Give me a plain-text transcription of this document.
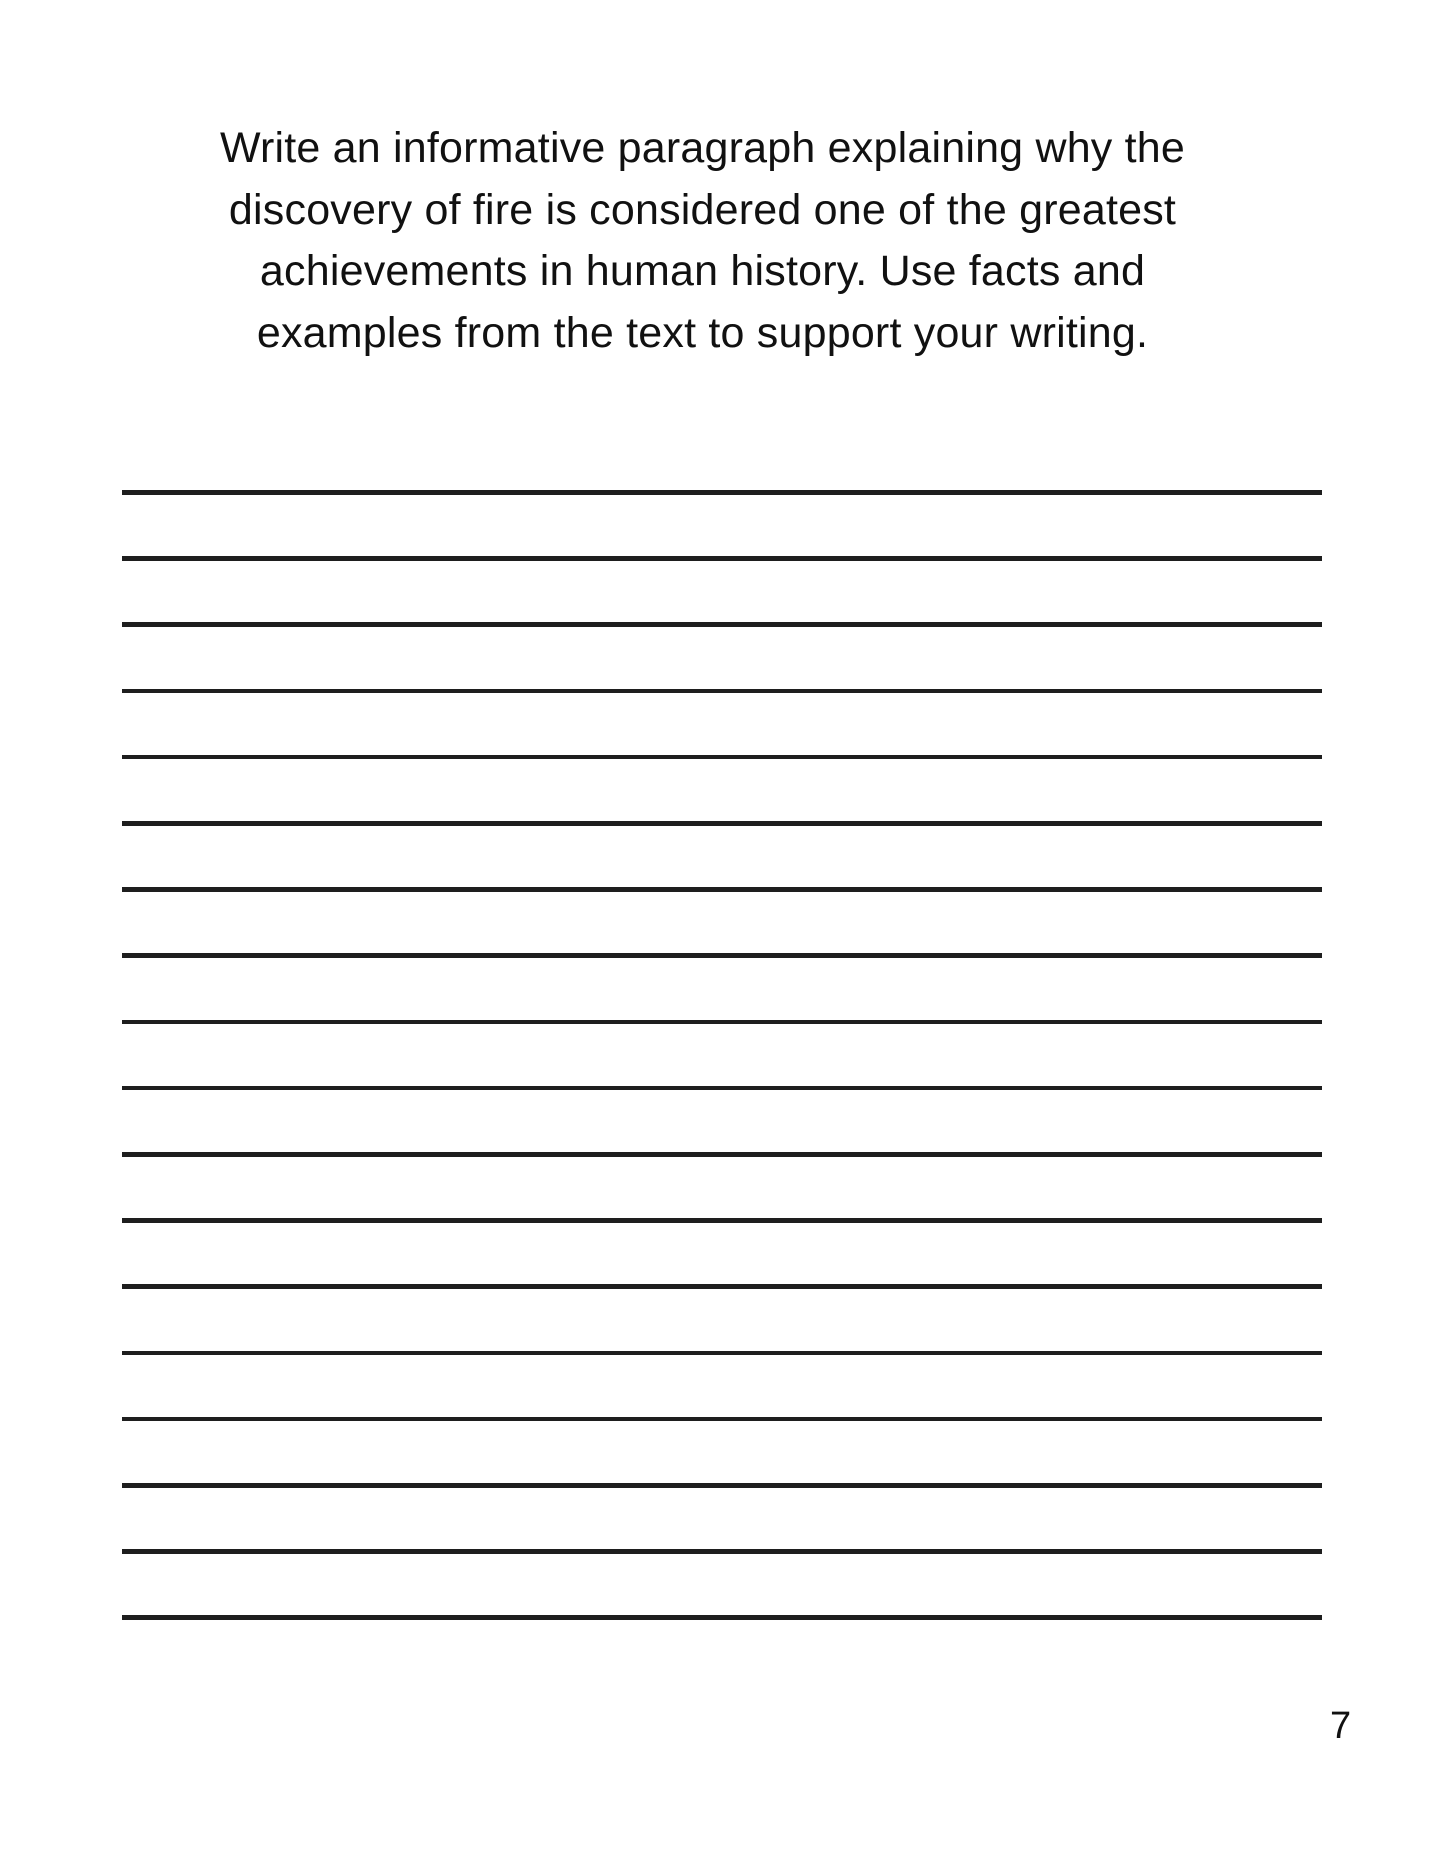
Write an informative paragraph explaining why the
discovery of fire is considered one of the greatest
achievements in human history. Use facts and
examples from the text to support your writing.

7
